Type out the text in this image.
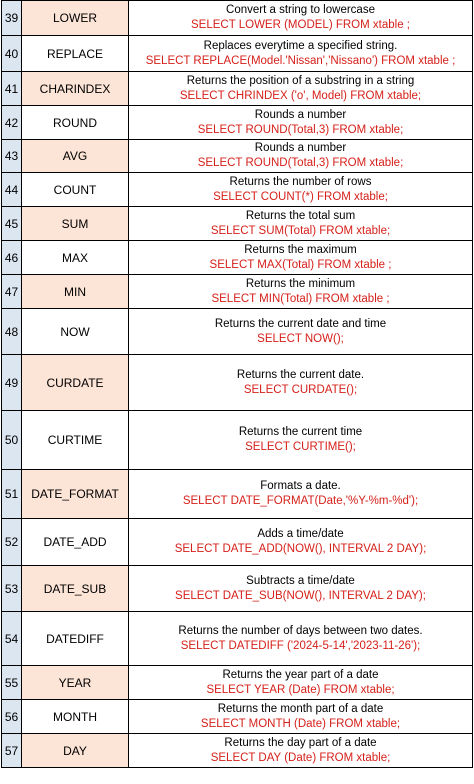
39	LOWER	Convert a string to lowercase
SELECT LOWER (MODEL) FROM xtable ;

40	REPLACE	Replaces everytime a specified string.
SELECT REPLACE(Model.'Nissan','Nissano') FROM xtable ;

41	CHARINDEX	Returns the position of a substring in a string
SELECT CHRINDEX ('o', Model) FROM xtable;

42	ROUND	Rounds a number
SELECT ROUND(Total,3) FROM xtable;

43	AVG	Rounds a number
SELECT ROUND(Total,3) FROM xtable;

44	COUNT	Returns the number of rows
SELECT COUNT(*) FROM xtable;

45	SUM	Returns the total sum
SELECT SUM(Total) FROM xtable;

46	MAX	Returns the maximum
SELECT MAX(Total) FROM xtable ;

47	MIN	Returns the minimum
SELECT MIN(Total) FROM xtable ;

48	NOW	Returns the current date and time
SELECT NOW();

49	CURDATE	Returns the current date.
SELECT CURDATE();

50	CURTIME	Returns the current time
SELECT CURTIME();

51	DATE_FORMAT	Formats a date.
SELECT DATE_FORMAT(Date,'%Y-%m-%d');

52	DATE_ADD	Adds a time/date
SELECT DATE_ADD(NOW(), INTERVAL 2 DAY);

53	DATE_SUB	Subtracts a time/date
SELECT DATE_SUB(NOW(), INTERVAL 2 DAY);

54	DATEDIFF	Returns the number of days between two dates.
SELECT DATEDIFF ('2024-5-14','2023-11-26');

55	YEAR	Returns the year part of a date
SELECT YEAR (Date) FROM xtable;

56	MONTH	Returns the month part of a date
SELECT MONTH (Date) FROM xtable;

57	DAY	Returns the day part of a date
SELECT DAY (Date) FROM xtable;
